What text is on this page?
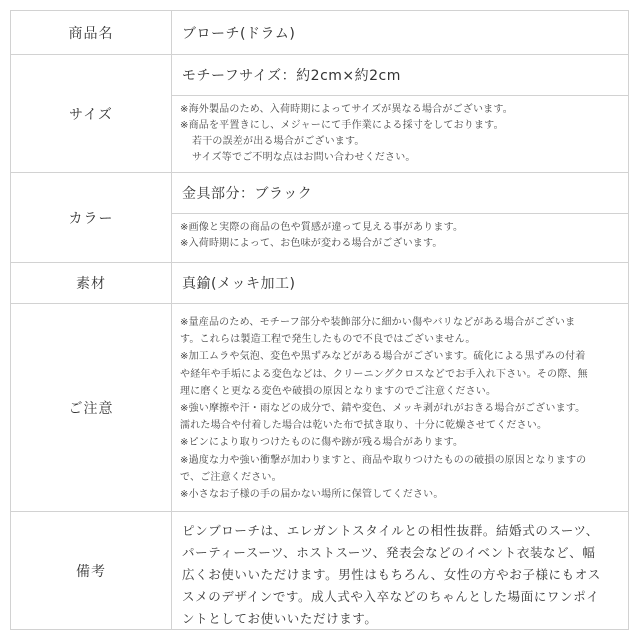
商品名	ブローチ(ドラム)
サイズ
モチーフサイズ：約2cm×約2cm
※海外製品のため、入荷時期によってサイズが異なる場合がございます。
※商品を平置きにし、メジャーにて手作業による採寸をしております。
若干の誤差が出る場合がございます。
サイズ等でご不明な点はお問い合わせください。
カラー
金具部分：ブラック
※画像と実際の商品の色や質感が違って見える事があります。
※入荷時期によって、お色味が変わる場合がございます。
素材	真鍮(メッキ加工)
ご注意
※量産品のため、モチーフ部分や装飾部分に細かい傷やバリなどがある場合がございま
す。これらは製造工程で発生したもので不良ではございません。
※加工ムラや気泡、変色や黒ずみなどがある場合がございます。硫化による黒ずみの付着
や経年や手垢による変色などは、クリーニングクロスなどでお手入れ下さい。その際、無
理に磨くと更なる変色や破損の原因となりますのでご注意ください。
※強い摩擦や汗・雨などの成分で、錆や変色、メッキ剥がれがおきる場合がございます。
濡れた場合や付着した場合は乾いた布で拭き取り、十分に乾燥させてください。
※ピンにより取りつけたものに傷や跡が残る場合があります。
※過度な力や強い衝撃が加わりますと、商品や取りつけたものの破損の原因となりますの
で、ご注意ください。
※小さなお子様の手の届かない場所に保管してください。
備考
ピンブローチは、エレガントスタイルとの相性抜群。結婚式のスーツ、
パーティースーツ、ホストスーツ、発表会などのイベント衣装など、幅
広くお使いいただけます。男性はもちろん、女性の方やお子様にもオス
スメのデザインです。成人式や入卒などのちゃんとした場面にワンポイ
ントとしてお使いいただけます。
